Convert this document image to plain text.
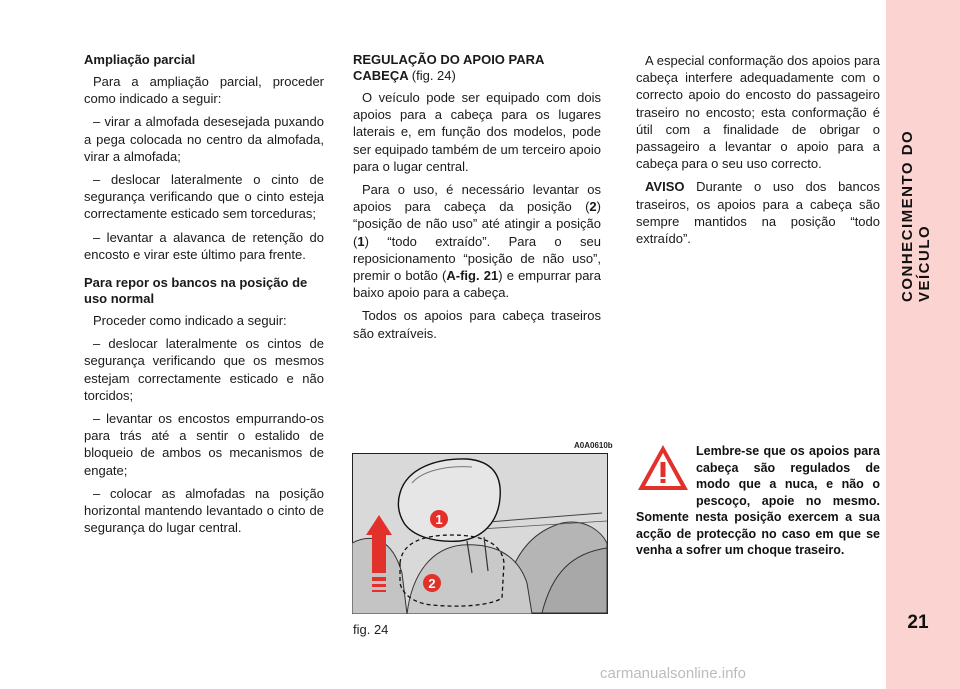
CONHECIMENTO DO VEÍCULO
21
Ampliação parcial

Para a ampliação parcial, proceder como indicado a seguir:

– virar a almofada desesejada puxando a pega colocada no centro da almofada, virar a almofada;

– deslocar lateralmente o cinto de segurança verificando que o cinto esteja correctamente esticado sem torceduras;

– levantar a alavanca de retenção do encosto e virar este último para frente.

Para repor os bancos na posição de uso normal

Proceder como indicado a seguir:

– deslocar lateralmente os cintos de segurança verificando que os mesmos estejam correctamente esticado e não torcidos;

– levantar os encostos empurrando-os para trás até a sentir o estalido de bloqueio de ambos os mecanismos de engate;

– colocar as almofadas na posição horizontal mantendo levantado o cinto de segurança do lugar central.

REGULAÇÃO DO APOIO PARA CABEÇA (fig. 24)

O veículo pode ser equipado com dois apoios para a cabeça para os lugares laterais e, em função dos modelos, pode ser equipado também de um terceiro apoio para o lugar central.

Para o uso, é necessário levantar os apoios para cabeça da posição (2) “posição de não uso” até atingir a posição (1) “todo extraído”. Para o seu reposicionamento “posição de não uso”, premir o botão (A-fig. 21) e empurrar para baixo apoio para a cabeça.

Todos os apoios para cabeça traseiros são extraíveis.

A especial conformação dos apoios para cabeça interfere adequadamente com o correcto apoio do encosto do passageiro traseiro no encosto; esta conformação é útil com a finalidade de obrigar o passageiro a levantar o apoio para a cabeça para o seu uso correcto.

AVISO Durante o uso dos bancos traseiros, os apoios para a cabeça são sempre mantidos na posição “todo extraído”.

A0A0610b
1
2
fig. 24
Lembre-se que os apoios para cabeça são regulados de modo que a nuca, e não o pescoço, apoie no mesmo. Somente nesta posição exercem a sua acção de protecção no caso em que se venha a sofrer um choque traseiro.
carmanualsonline.info
